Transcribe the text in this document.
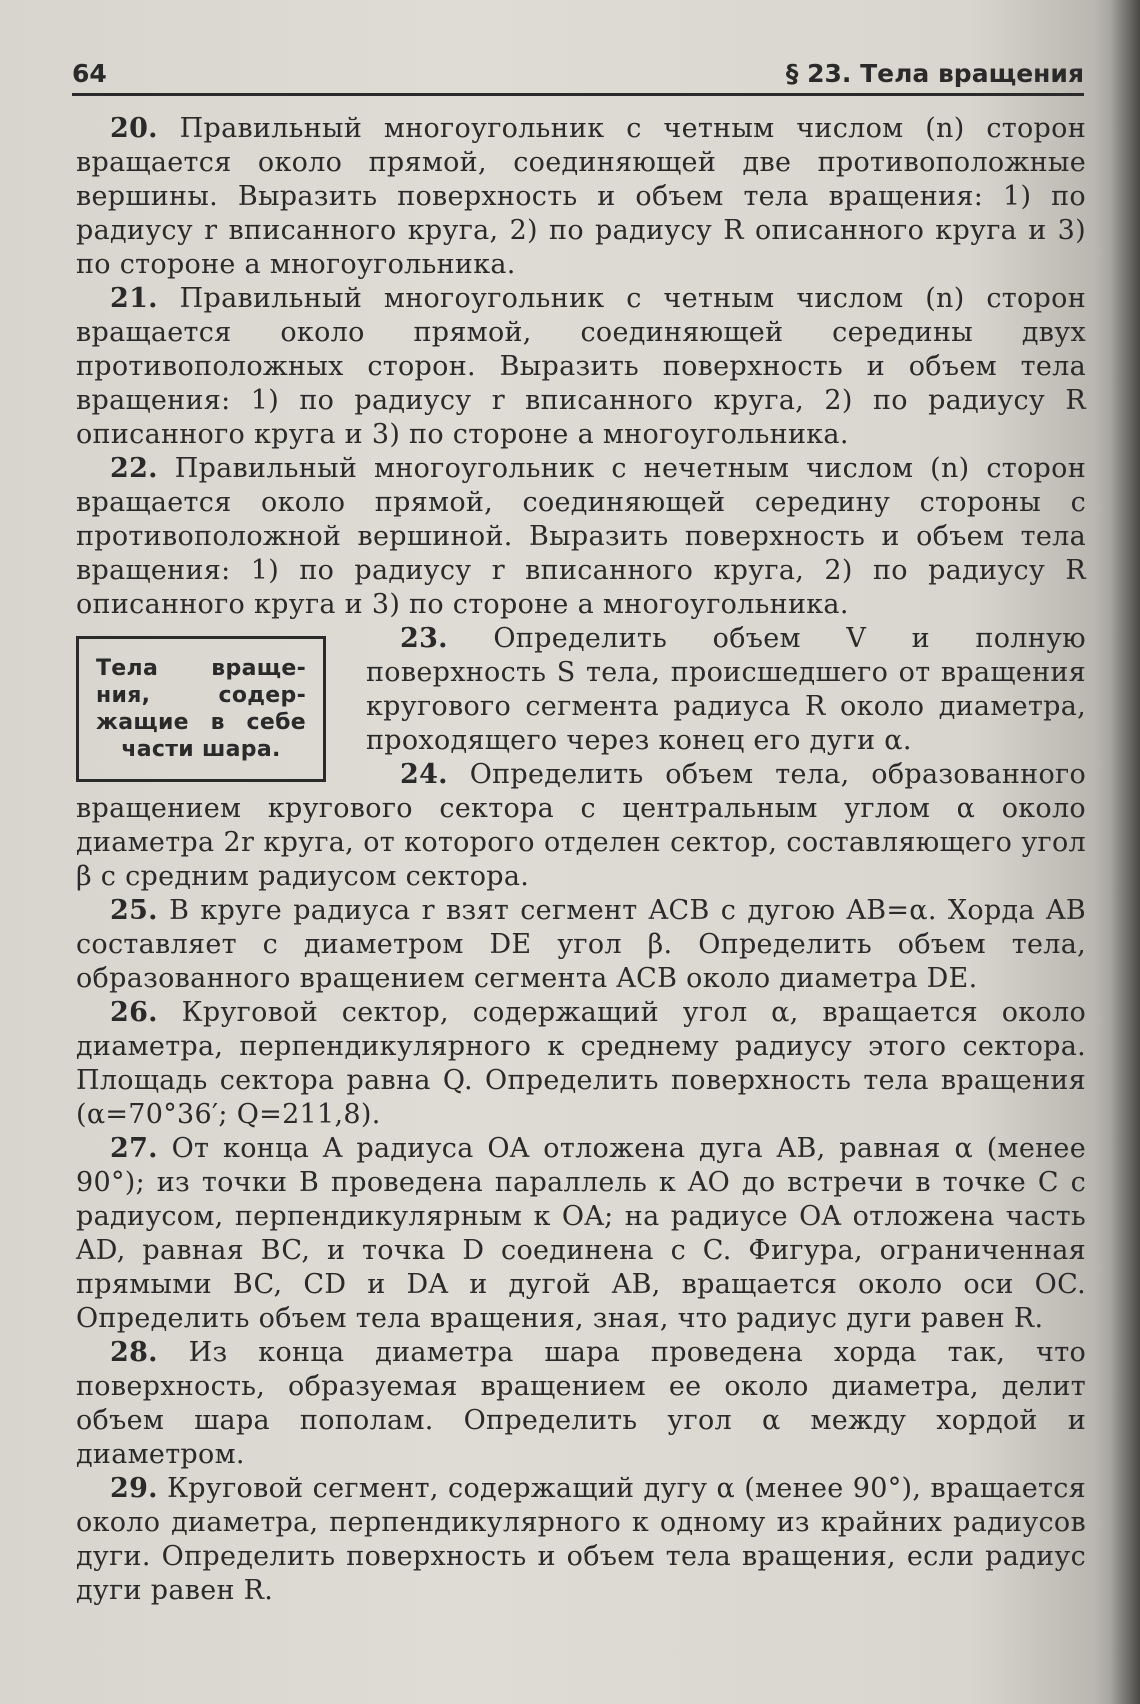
64	§ 23. Тела вращения

20. Правильный многоугольник с четным числом (n) сторон вращается около прямой, соединяющей две противоположные вершины. Выразить поверхность и объем тела вращения: 1) по радиусу r вписанного круга, 2) по радиусу R описанного круга и 3) по стороне a многоугольника.

21. Правильный многоугольник с четным числом (n) сторон вращается около прямой, соединяющей середины двух противоположных сторон. Выразить поверхность и объем тела вращения: 1) по радиусу r вписанного круга, 2) по радиусу R описанного круга и 3) по стороне a многоугольника.

22. Правильный многоугольник с нечетным числом (n) сторон вращается около прямой, соединяющей середину стороны с противоположной вершиной. Выразить поверхность и объем тела вращения: 1) по радиусу r вписанного круга, 2) по радиусу R описанного круга и 3) по стороне a многоугольника.

Тела враще-ния, содер-жащие в себе части шара.

23. Определить объем V и полную поверхность S тела, происшедшего от вращения кругового сегмента радиуса R около диаметра, проходящего через конец его дуги α.

24. Определить объем тела, образованного вращением кругового сектора с центральным углом α около диаметра 2r круга, от которого отделен сектор, составляющего угол β с средним радиусом сектора.

25. В круге радиуса r взят сегмент ACB с дугою AB=α. Хорда AB составляет с диаметром DE угол β. Определить объем тела, образованного вращением сегмента ACB около диаметра DE.

26. Круговой сектор, содержащий угол α, вращается около диаметра, перпендикулярного к среднему радиусу этого сектора. Площадь сектора равна Q. Определить поверхность тела вращения (α=70°36′; Q=211,8).

27. От конца A радиуса OA отложена дуга AB, равная α (менее 90°); из точки B проведена параллель к AO до встречи в точке C с радиусом, перпендикулярным к OA; на радиусе OA отложена часть AD, равная BC, и точка D соединена с C. Фигура, ограниченная прямыми BC, CD и DA и дугой AB, вращается около оси OC. Определить объем тела вращения, зная, что радиус дуги равен R.

28. Из конца диаметра шара проведена хорда так, что поверхность, образуемая вращением ее около диаметра, делит объем шара пополам. Определить угол α между хордой и диаметром.

29. Круговой сегмент, содержащий дугу α (менее 90°), вращается около диаметра, перпендикулярного к одному из крайних радиусов дуги. Определить поверхность и объем тела вращения, если радиус дуги равен R.
